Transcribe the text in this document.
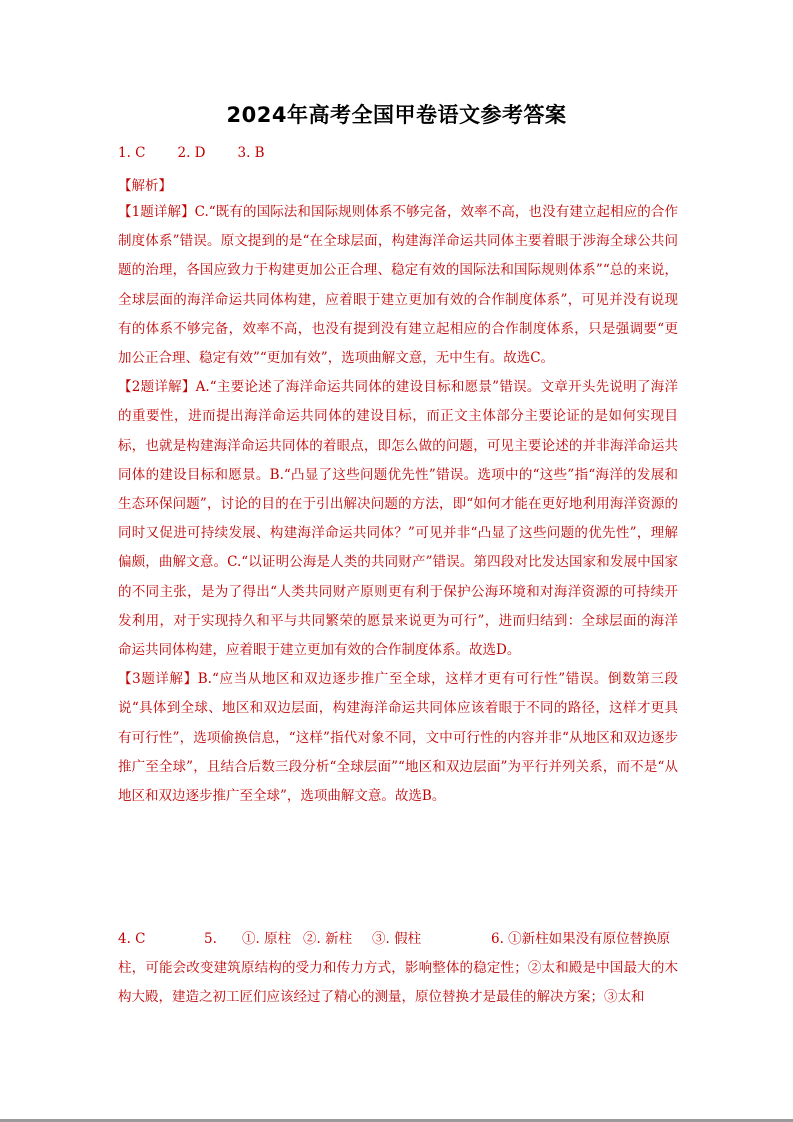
2024年高考全国甲卷语文参考答案
1. C 2. D 3. B
【解析】

【1题详解】C.“既有的国际法和国际规则体系不够完备，效率不高，也没有建立起相应的合作制度体系”错误。原文提到的是“在全球层面，构建海洋命运共同体主要着眼于涉海全球公共问题的治理，各国应致力于构建更加公正合理、稳定有效的国际法和国际规则体系”“总的来说，全球层面的海洋命运共同体构建，应着眼于建立更加有效的合作制度体系”，可见并没有说现有的体系不够完备，效率不高，也没有提到没有建立起相应的合作制度体系，只是强调要“更加公正合理、稳定有效”“更加有效”，选项曲解文意，无中生有。故选C。

【2题详解】A.“主要论述了海洋命运共同体的建设目标和愿景”错误。文章开头先说明了海洋的重要性，进而提出海洋命运共同体的建设目标，而正文主体部分主要论证的是如何实现目标，也就是构建海洋命运共同体的着眼点，即怎么做的问题，可见主要论述的并非海洋命运共同体的建设目标和愿景。B.“凸显了这些问题优先性”错误。选项中的“这些”指“海洋的发展和生态环保问题”，讨论的目的在于引出解决问题的方法，即“如何才能在更好地利用海洋资源的同时又促进可持续发展、构建海洋命运共同体？”可见并非“凸显了这些问题的优先性”，理解偏颇，曲解文意。C.“以证明公海是人类的共同财产”错误。第四段对比发达国家和发展中国家的不同主张，是为了得出“人类共同财产原则更有利于保护公海环境和对海洋资源的可持续开发利用，对于实现持久和平与共同繁荣的愿景来说更为可行”，进而归结到：全球层面的海洋命运共同体构建，应着眼于建立更加有效的合作制度体系。故选D。

【3题详解】B.“应当从地区和双边逐步推广至全球，这样才更有可行性”错误。倒数第三段说“具体到全球、地区和双边层面，构建海洋命运共同体应该着眼于不同的路径，这样才更具有可行性”，选项偷换信息，“这样”指代对象不同，文中可行性的内容并非“从地区和双边逐步推广至全球”，且结合后数三段分析“全球层面”“地区和双边层面”为平行并列关系，而不是“从地区和双边逐步推广至全球”，选项曲解文意。故选B。

4. C	5. ①. 原柱 ②. 新柱 ③. 假柱	6. ①新柱如果没有原位替换原
柱，可能会改变建筑原结构的受力和传力方式，影响整体的稳定性；②太和殿是中国最大的木构大殿，建造之初工匠们应该经过了精心的测量，原位替换才是最佳的解决方案；③太和
